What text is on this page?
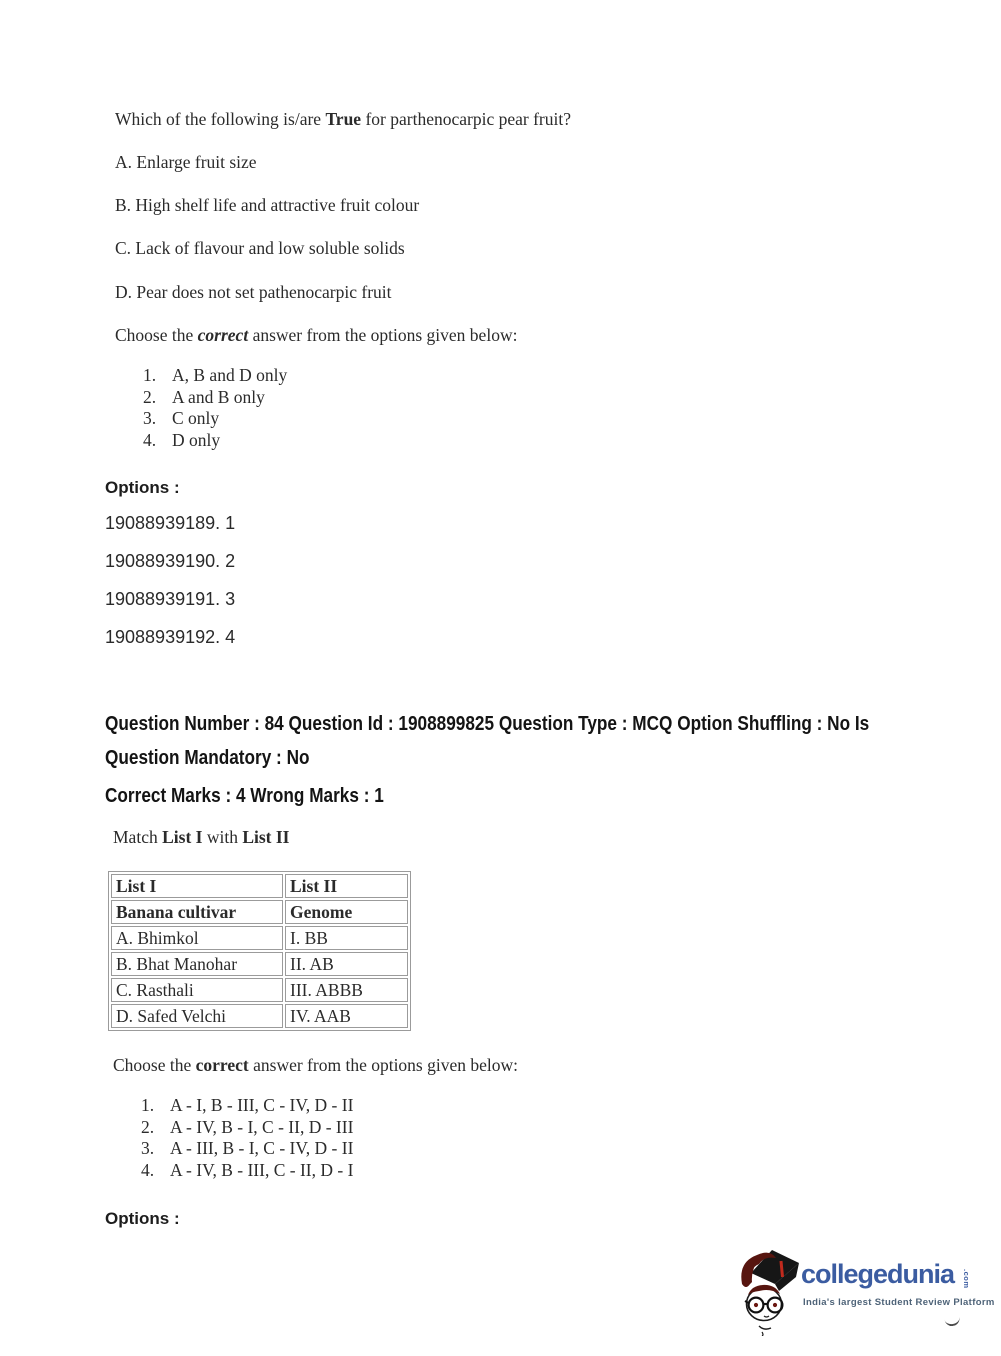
Which of the following is/are True for parthenocarpic pear fruit?
A. Enlarge fruit size
B. High shelf life and attractive fruit colour
C. Lack of flavour and low soluble solids
D. Pear does not set pathenocarpic fruit
Choose the correct answer from the options given below:
1. A, B and D only
2. A and B only
3. C only
4. D only
Options :
19088939189. 1
19088939190. 2
19088939191. 3
19088939192. 4
Question Number : 84 Question Id : 1908899825 Question Type : MCQ Option Shuffling : No Is
Question Mandatory : No
Correct Marks : 4 Wrong Marks : 1
Match List I with List II
List I	List II
Banana cultivar	Genome
A. Bhimkol	I. BB
B. Bhat Manohar	II. AB
C. Rasthali	III. ABBB
D. Safed Velchi	IV. AAB
Choose the correct answer from the options given below:
1. A - I, B - III, C - IV, D - II
2. A - IV, B - I, C - II, D - III
3. A - III, B - I, C - IV, D - II
4. A - IV, B - III, C - II, D - I
Options :
collegedunia .com
India's largest Student Review Platform
